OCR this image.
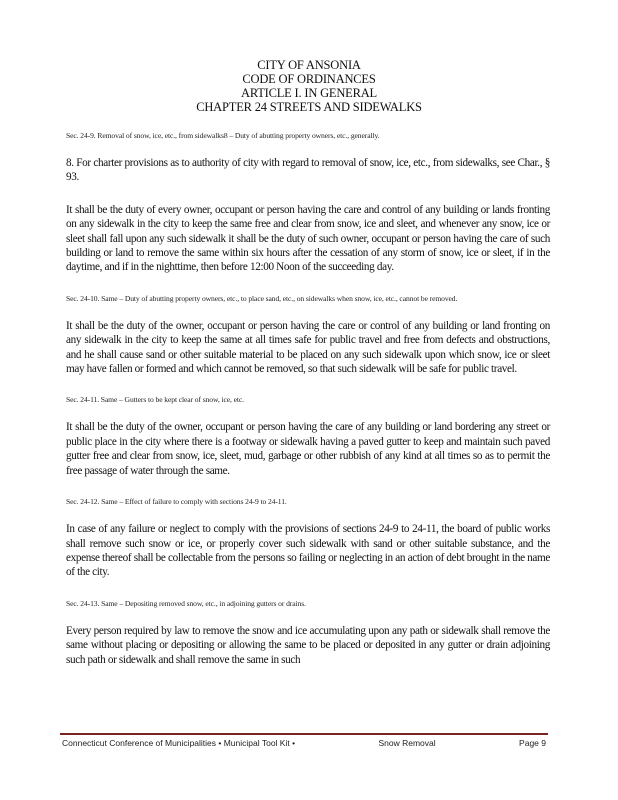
CITY OF ANSONIA
CODE OF ORDINANCES
ARTICLE I. IN GENERAL
CHAPTER 24 STREETS AND SIDEWALKS
Sec. 24-9. Removal of snow, ice, etc., from sidewalks8 – Duty of abutting property owners, etc., generally.
8. For charter provisions as to authority of city with regard to removal of snow, ice, etc., from sidewalks, see Char., § 93.
It shall be the duty of every owner, occupant or person having the care and control of any building or lands fronting on any sidewalk in the city to keep the same free and clear from snow, ice and sleet, and whenever any snow, ice or sleet shall fall upon any such sidewalk it shall be the duty of such owner, occupant or person having the care of such building or land to remove the same within six hours after the cessation of any storm of snow, ice or sleet, if in the daytime, and if in the nighttime, then before 12:00 Noon of the succeeding day.
Sec. 24-10. Same – Duty of abutting property owners, etc., to place sand, etc., on sidewalks when snow, ice, etc., cannot be removed.
It shall be the duty of the owner, occupant or person having the care or control of any building or land fronting on any sidewalk in the city to keep the same at all times safe for public travel and free from defects and obstructions, and he shall cause sand or other suitable material to be placed on any such sidewalk upon which snow, ice or sleet may have fallen or formed and which cannot be removed, so that such sidewalk will be safe for public travel.
Sec. 24-11. Same – Gutters to be kept clear of snow, ice, etc.
It shall be the duty of the owner, occupant or person having the care of any building or land bordering any street or public place in the city where there is a footway or sidewalk having a paved gutter to keep and maintain such paved gutter free and clear from snow, ice, sleet, mud, garbage or other rubbish of any kind at all times so as to permit the free passage of water through the same.
Sec. 24-12. Same – Effect of failure to comply with sections 24-9 to 24-11.
In case of any failure or neglect to comply with the provisions of sections 24-9 to 24-11, the board of public works shall remove such snow or ice, or properly cover such sidewalk with sand or other suitable substance, and the expense thereof shall be collectable from the persons so failing or neglecting in an action of debt brought in the name of the city.
Sec. 24-13. Same – Depositing removed snow, etc., in adjoining gutters or drains.
Every person required by law to remove the snow and ice accumulating upon any path or sidewalk shall remove the same without placing or depositing or allowing the same to be placed or deposited in any gutter or drain adjoining such path or sidewalk and shall remove the same in such
Connecticut Conference of Municipalities • Municipal Tool Kit •	Snow Removal	Page 9
